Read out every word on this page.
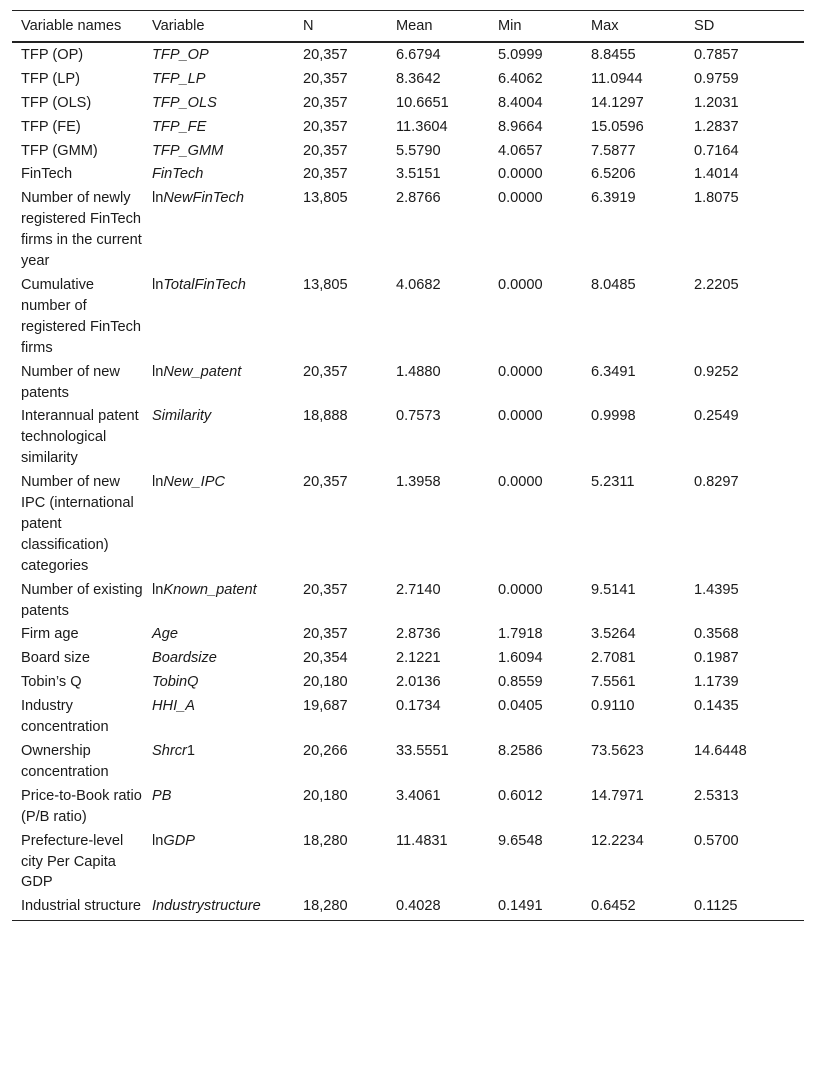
Variable names	Variable	N	Mean	Min	Max	SD
TFP (OP)	TFP_OP	20,357	6.6794	5.0999	8.8455	0.7857
TFP (LP)	TFP_LP	20,357	8.3642	6.4062	11.0944	0.9759
TFP (OLS)	TFP_OLS	20,357	10.6651	8.4004	14.1297	1.2031
TFP (FE)	TFP_FE	20,357	11.3604	8.9664	15.0596	1.2837
TFP (GMM)	TFP_GMM	20,357	5.5790	4.0657	7.5877	0.7164
FinTech	FinTech	20,357	3.5151	0.0000	6.5206	1.4014
Number of newly registered FinTech firms in the current year	lnNewFinTech	13,805	2.8766	0.0000	6.3919	1.8075
Cumulative number of registered FinTech firms	lnTotalFinTech	13,805	4.0682	0.0000	8.0485	2.2205
Number of new patents	lnNew_patent	20,357	1.4880	0.0000	6.3491	0.9252
Interannual patent technological similarity	Similarity	18,888	0.7573	0.0000	0.9998	0.2549
Number of new IPC (international patent classification) categories	lnNew_IPC	20,357	1.3958	0.0000	5.2311	0.8297
Number of existing patents	lnKnown_patent	20,357	2.7140	0.0000	9.5141	1.4395
Firm age	Age	20,357	2.8736	1.7918	3.5264	0.3568
Board size	Boardsize	20,354	2.1221	1.6094	2.7081	0.1987
Tobin’s Q	TobinQ	20,180	2.0136	0.8559	7.5561	1.1739
Industry concentration	HHI_A	19,687	0.1734	0.0405	0.9110	0.1435
Ownership concentration	Shrcr1	20,266	33.5551	8.2586	73.5623	14.6448
Price-to-Book ratio (P/B ratio)	PB	20,180	3.4061	0.6012	14.7971	2.5313
Prefecture-level city Per Capita GDP	lnGDP	18,280	11.4831	9.6548	12.2234	0.5700
Industrial structure	Industrystructure	18,280	0.4028	0.1491	0.6452	0.1125
